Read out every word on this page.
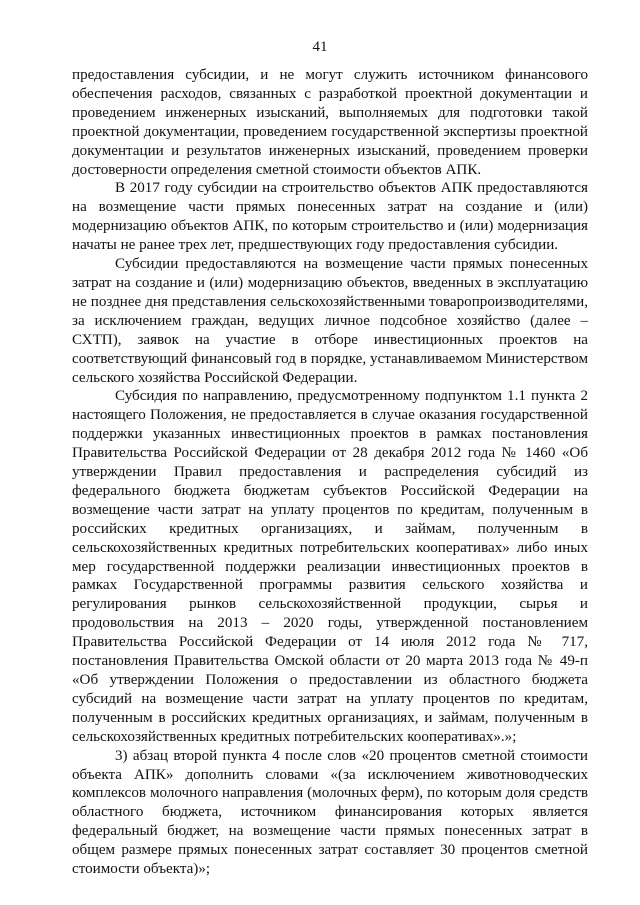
41

предоставления субсидии, и не могут служить источником финансового обеспечения расходов, связанных с разработкой проектной документации и проведением инженерных изысканий, выполняемых для подготовки такой проектной документации, проведением государственной экспертизы проектной документации и результатов инженерных изысканий, проведением проверки достоверности определения сметной стоимости объектов АПК.

В 2017 году субсидии на строительство объектов АПК предоставляются на возмещение части прямых понесенных затрат на создание и (или) модернизацию объектов АПК, по которым строительство и (или) модернизация начаты не ранее трех лет, предшествующих году предоставления субсидии.

Субсидии предоставляются на возмещение части прямых понесенных затрат на создание и (или) модернизацию объектов, введенных в эксплуатацию не позднее дня представления сельскохозяйственными товаропроизводителями, за исключением граждан, ведущих личное подсобное хозяйство (далее – СХТП), заявок на участие в отборе инвестиционных проектов на соответствующий финансовый год в порядке, устанавливаемом Министерством сельского хозяйства Российской Федерации.

Субсидия по направлению, предусмотренному подпунктом 1.1 пункта 2 настоящего Положения, не предоставляется в случае оказания государственной поддержки указанных инвестиционных проектов в рамках постановления Правительства Российской Федерации от 28 декабря 2012 года № 1460 «Об утверждении Правил предоставления и распределения субсидий из федерального бюджета бюджетам субъектов Российской Федерации на возмещение части затрат на уплату процентов по кредитам, полученным в российских кредитных организациях, и займам, полученным в сельскохозяйственных кредитных потребительских кооперативах» либо иных мер государственной поддержки реализации инвестиционных проектов в рамках Государственной программы развития сельского хозяйства и регулирования рынков сельскохозяйственной продукции, сырья и продовольствия на 2013 – 2020 годы, утвержденной постановлением Правительства Российской Федерации от 14 июля 2012 года № 717, постановления Правительства Омской области от 20 марта 2013 года № 49-п «Об утверждении Положения о предоставлении из областного бюджета субсидий на возмещение части затрат на уплату процентов по кредитам, полученным в российских кредитных организациях, и займам, полученным в сельскохозяйственных кредитных потребительских кооперативах».»;

3) абзац второй пункта 4 после слов «20 процентов сметной стоимости объекта АПК» дополнить словами «(за исключением животноводческих комплексов молочного направления (молочных ферм), по которым доля средств областного бюджета, источником финансирования которых является федеральный бюджет, на возмещение части прямых понесенных затрат в общем размере прямых понесенных затрат составляет 30 процентов сметной стоимости объекта)»;
